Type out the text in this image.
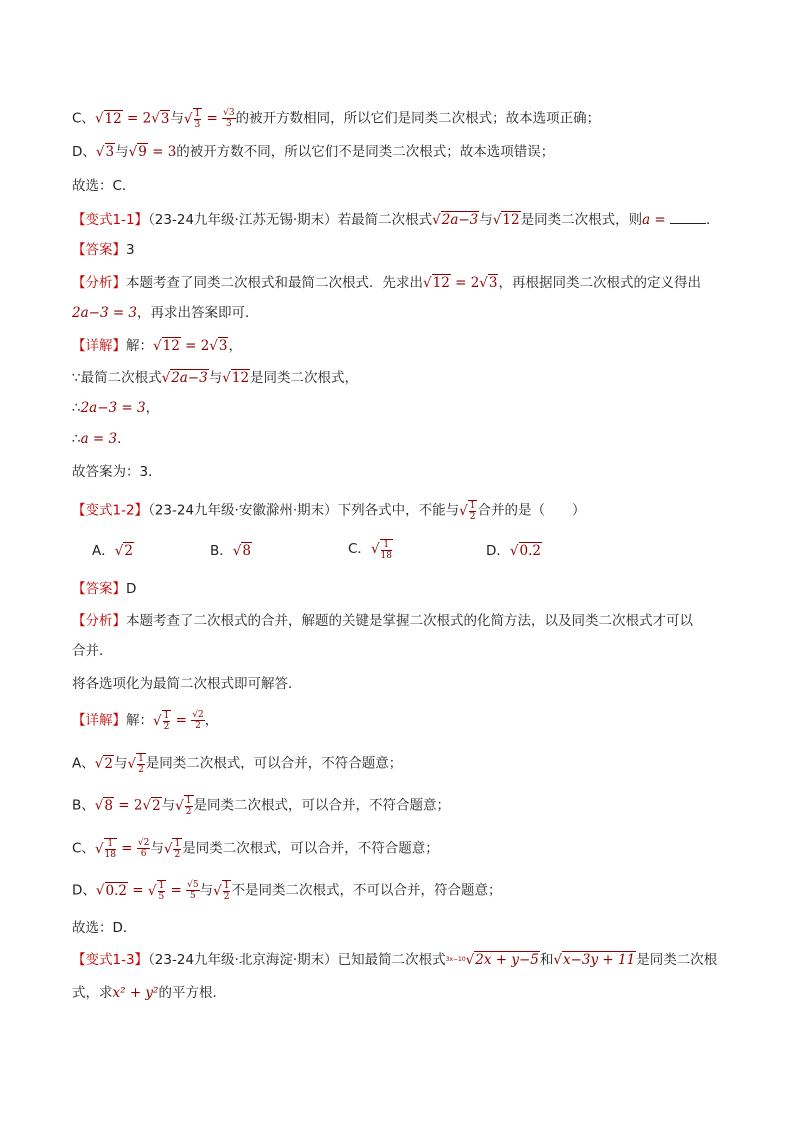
C、√12 = 2√3与√ $\frac{1}{3} = \frac{√3}{3}$ 的被开方数相同，所以它们是同类二次根式；故本选项正确；
D、√3与√9 = 3的被开方数不同，所以它们不是同类二次根式；故本选项错误；
故选：C．
【变式1-1】（23-24九年级·江苏无锡·期末）若最简二次根式√2a−3与√12是同类二次根式，则a =	．
【答案】3
【分析】本题考查了同类二次根式和最简二次根式．先求出√12 = 2√3，再根据同类二次根式的定义得出
2a−3 = 3，再求出答案即可．
【详解】解：√12 = 2√3，
∵最简二次根式√2a−3与√12是同类二次根式，
∴2a−3 = 3，
∴a = 3．
故答案为：3．
【变式1-2】（23-24九年级·安徽滁州·期末）下列各式中，不能与√ $\frac{1}{2}$ 合并的是（　　）
A．√2	B．√8	C．√ $\frac{1}{18}$	D．√0.2
【答案】D
【分析】本题考查了二次根式的合并，解题的关键是掌握二次根式的化简方法，以及同类二次根式才可以
合并．
将各选项化为最简二次根式即可解答．
【详解】解：√ $\frac{1}{2} = \frac{√2}{2}$ ，
A、√2与√ $\frac{1}{2}$ 是同类二次根式，可以合并，不符合题意；
B、√8 = 2√2与√ $\frac{1}{2}$ 是同类二次根式，可以合并，不符合题意；
C、√ $\frac{1}{18} = \frac{√2}{6}$ 与√ $\frac{1}{2}$ 是同类二次根式，可以合并，不符合题意；
D、√0.2 = √ $\frac{1}{5} = \frac{√5}{5}$ 与√ $\frac{1}{2}$ 不是同类二次根式，不可以合并，符合题意；
故选：D．
【变式1-3】（23-24九年级·北京海淀·期末）已知最简二次根式$^{3x-10}$√2x + y−5和√x−3y + 11是同类二次根
式，求x² + y²的平方根．
